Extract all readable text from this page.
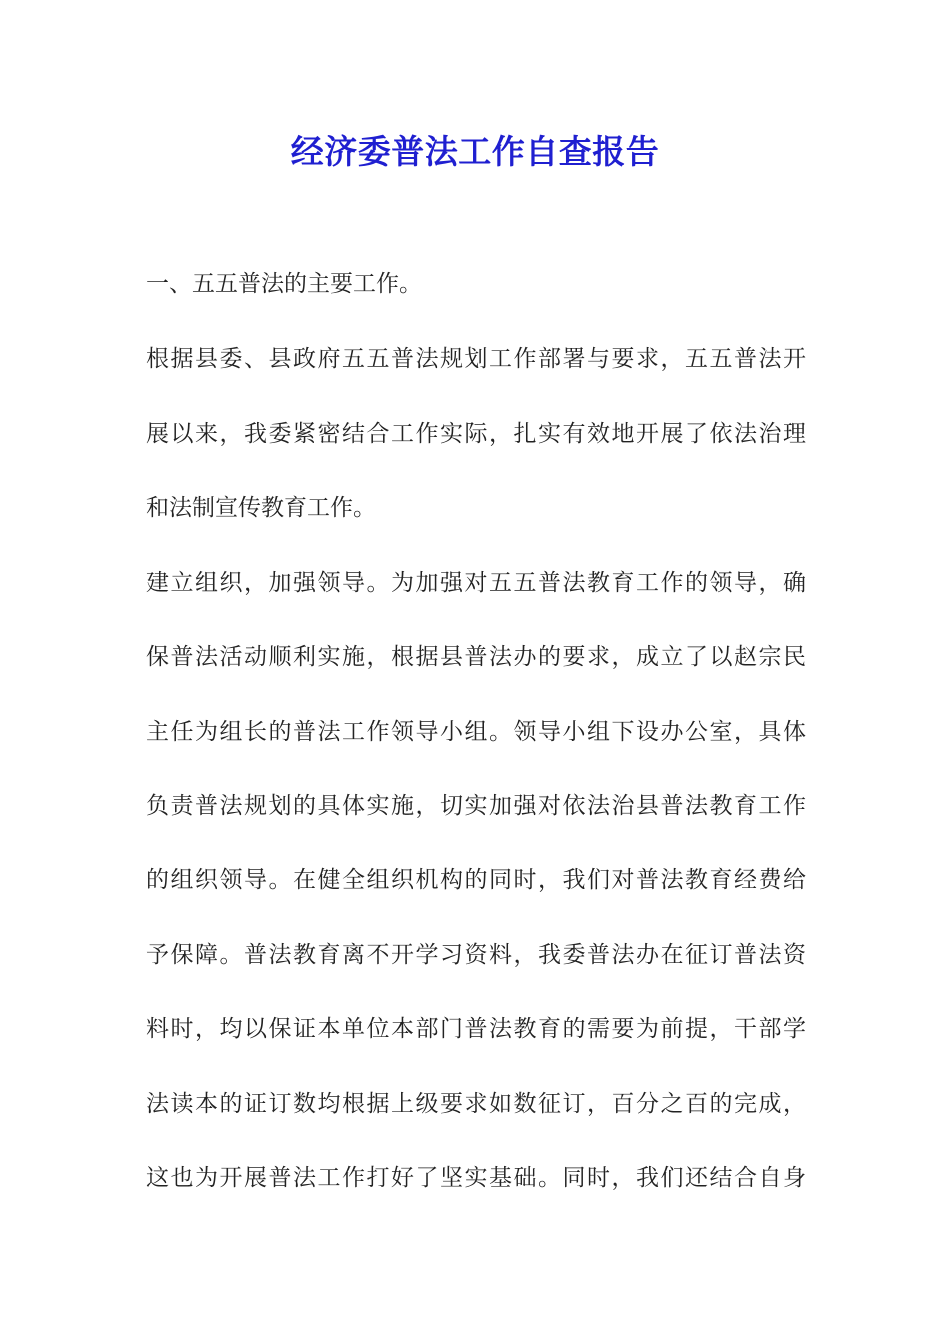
经济委普法工作自查报告

一、五五普法的主要工作。

根据县委、县政府五五普法规划工作部署与要求，五五普法开

展以来，我委紧密结合工作实际，扎实有效地开展了依法治理

和法制宣传教育工作。

建立组织，加强领导。为加强对五五普法教育工作的领导，确

保普法活动顺利实施，根据县普法办的要求，成立了以赵宗民

主任为组长的普法工作领导小组。领导小组下设办公室，具体

负责普法规划的具体实施，切实加强对依法治县普法教育工作

的组织领导。在健全组织机构的同时，我们对普法教育经费给

予保障。普法教育离不开学习资料，我委普法办在征订普法资

料时，均以保证本单位本部门普法教育的需要为前提，干部学

法读本的证订数均根据上级要求如数征订，百分之百的完成，

这也为开展普法工作打好了坚实基础。同时，我们还结合自身
